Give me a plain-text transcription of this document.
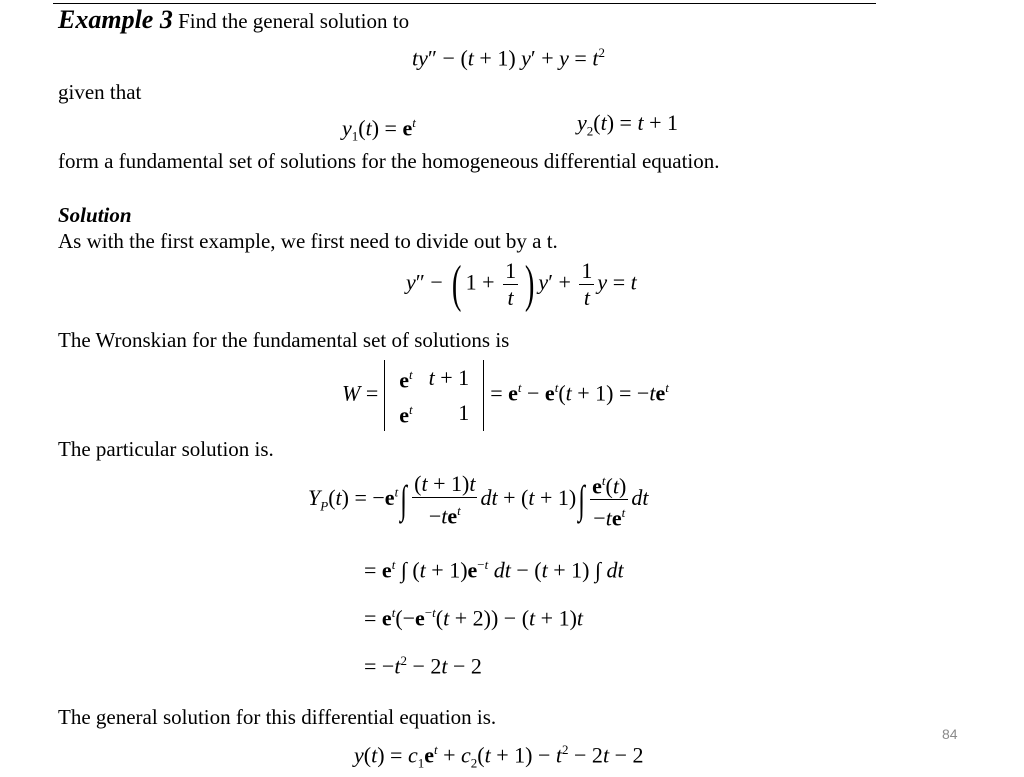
Example 3 Find the general solution to
ty″ − (t + 1) $y' + y = t^2$
given that
$y_1(t) = e^t$	$y_2(t) = t + 1$
form a fundamental set of solutions for the homogeneous differential equation.
Solution
As with the first example, we first need to divide out by a t.
y″ − ( $1 + \frac{1}{t}$ ) $y' + \frac{1}{t}$ y = t
The Wronskian for the fundamental set of solutions is
W =
$e^t$	t + 1
$e^t$	1
= $e^t - e^t(t + 1) = -te^t$
The particular solution is.
$Y_P(t) = -e^t\int \frac{(t + 1)t}{-te^t}$ dt + $(t + 1)\int \frac{e^t(t)}{-te^t}$ dt
= $e^t$ ∫ $(t + 1)e^{-t}$ dt − (t + 1) ∫ dt
= $e^t(-e^{-t}(t + 2)) - (t + 1)t$
= $-t^2 - 2t - 2$
The general solution for this differential equation is.
$y(t) = c_1e^t + c_2(t + 1) - t^2 - 2t - 2$
84
